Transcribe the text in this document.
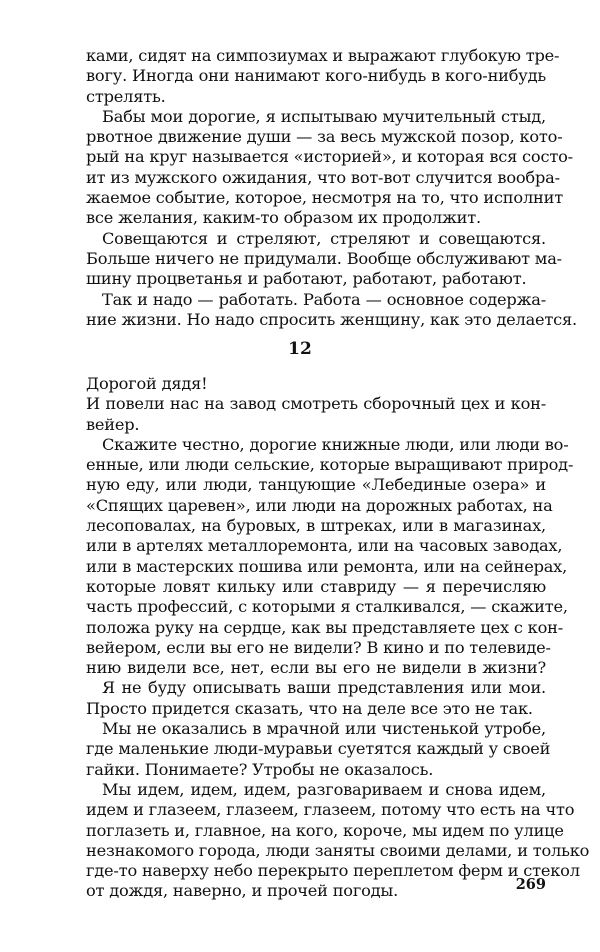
ками, сидят на симпозиумах и выражают глубокую тре-
вогу. Иногда они нанимают кого-нибудь в кого-нибудь
стрелять.
Бабы мои дорогие, я испытываю мучительный стыд,
рвотное движение души — за весь мужской позор, кото-
рый на круг называется «историей», и которая вся состо-
ит из мужского ожидания, что вот-вот случится вообра-
жаемое событие, которое, несмотря на то, что исполнит
все желания, каким-то образом их продолжит.
Совещаются и стреляют, стреляют и совещаются.
Больше ничего не придумали. Вообще обслуживают ма-
шину процветанья и работают, работают, работают.
Так и надо — работать. Работа — основное содержа-
ние жизни. Но надо спросить женщину, как это делается.
12
Дорогой дядя!
И повели нас на завод смотреть сборочный цех и кон-
вейер.
Скажите честно, дорогие книжные люди, или люди во-
енные, или люди сельские, которые выращивают природ-
ную еду, или люди, танцующие «Лебединые озера» и
«Спящих царевен», или люди на дорожных работах, на
лесоповалах, на буровых, в штреках, или в магазинах,
или в артелях металлоремонта, или на часовых заводах,
или в мастерских пошива или ремонта, или на сейнерах,
которые ловят кильку или ставриду — я перечисляю
часть профессий, с которыми я сталкивался, — скажите,
положа руку на сердце, как вы представляете цех с кон-
вейером, если вы его не видели? В кино и по телевиде-
нию видели все, нет, если вы его не видели в жизни?
Я не буду описывать ваши представления или мои.
Просто придется сказать, что на деле все это не так.
Мы не оказались в мрачной или чистенькой утробе,
где маленькие люди-муравьи суетятся каждый у своей
гайки. Понимаете? Утробы не оказалось.
Мы идем, идем, идем, разговариваем и снова идем,
идем и глазеем, глазеем, глазеем, потому что есть на что
поглазеть и, главное, на кого, короче, мы идем по улице
незнакомого города, люди заняты своими делами, и только
где-то наверху небо перекрыто переплетом ферм и стекол
от дождя, наверно, и прочей погоды.	269
